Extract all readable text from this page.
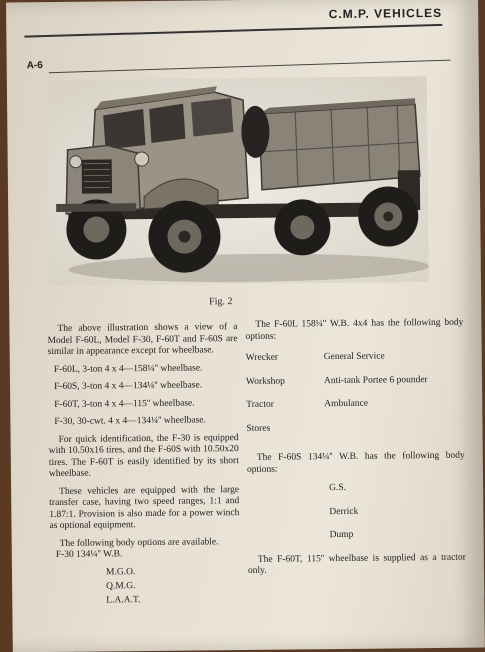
C.M.P. VEHICLES
A-6
Fig. 2

The above illustration shows a view of a Model F-60L, Model F-30, F-60T and F-60S are similar in appearance except for wheelbase.

F-60L, 3-ton 4 x 4—158¼'' wheelbase.

F-60S, 3-ton 4 x 4—134¼'' wheelbase.

F-60T, 3-ton 4 x 4—115'' wheelbase.

F-30, 30-cwt. 4 x 4—134¼'' wheelbase.

For quick identification, the F-30 is equipped with 10.50x16 tires, and the F-60S with 10.50x20 tires. The F-60T is easily identified by its short wheelbase.

These vehicles are equipped with the large transfer case, having two speed ranges, 1:1 and 1.87:1. Provision is also made for a power winch as optional equipment.

The following body options are available.

F-30 134¼'' W.B.

M.G.O.
Q.M.G.
L.A.A.T.

The F-60L 158¼'' W.B. 4x4 has the following body options:

Wrecker	General Service
Workshop	Anti-tank Portee 6 pounder
Tractor	Ambulance
Stores

The F-60S 134¼'' W.B. has the following body options:

G.S.
Derrick
Dump

The F-60T, 115'' wheelbase is supplied as a tractor only.
